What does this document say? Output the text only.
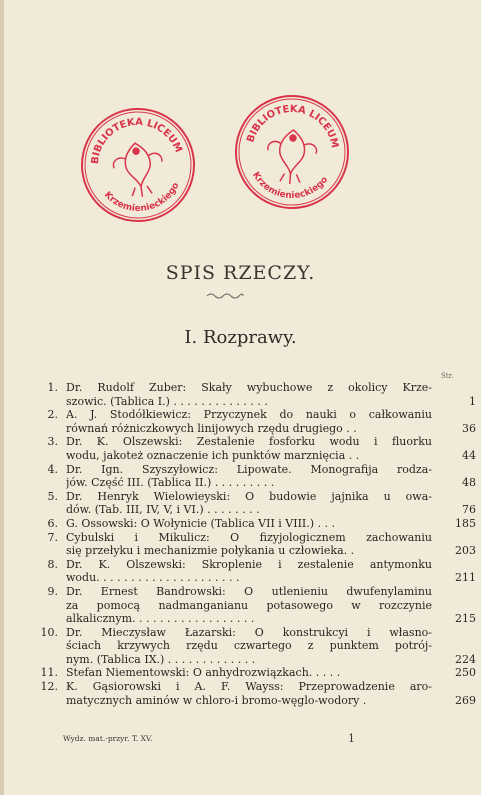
BIBLIOTEKA LICEUM
Krzemienieckiego
BIBLIOTEKA LICEUM
Krzemienieckiego
SPIS RZECZY.
I. Rozprawy.
Str.
1. Dr. Rudolf Zuber: Skały wybuchowe z okolicy Krze-
szowic. (Tablica I.) . . . . . . . . . . . . . .	1
2. A. J. Stodółkiewicz: Przyczynek do nauki o całkowaniu
równań różniczkowych linijowych rzędu drugiego . .	36
3. Dr. K. Olszewski: Zestalenie fosforku wodu i fluorku
wodu, jakoteż oznaczenie ich punktów marznięcia . .	44
4. Dr. Ign. Szyszyłowicz: Lipowate. Monografija rodza-
jów. Część III. (Tablica II.) . . . . . . . . .	48
5. Dr. Henryk Wielowieyski: O budowie jajnika u owa-
dów. (Tab. III, IV, V, i VI.) . . . . . . . .	76
6. G. Ossowski: O Wołynicie (Tablica VII i VIII.) . . .	185
7. Cybulski i Mikulicz: O fizyjologicznem zachowaniu
się przełyku i mechanizmie połykania u człowieka. .	203
8. Dr. K. Olszewski: Skroplenie i zestalenie antymonku
wodu. . . . . . . . . . . . . . . . . . . . .	211
9. Dr. Ernest Bandrowski: O utlenieniu dwufenylaminu
za pomocą nadmanganianu potasowego w rozczynie
alkalicznym. . . . . . . . . . . . . . . . . .	215
10. Dr. Mieczysław Łazarski: O konstrukcyi i własno-
ściach krzywych rzędu czwartego z punktem potrój-
nym. (Tablica IX.) . . . . . . . . . . . . .	224
11. Stefan Niementowski: O anhydrozwiązkach. . . . .	250
12. K. Gąsiorowski i A. F. Wayss: Przeprowadzenie aro-
matycznych aminów w chloro-i bromo-węglo-wodory .	269
Wydz. mat.-przyr. T. XV.	1
